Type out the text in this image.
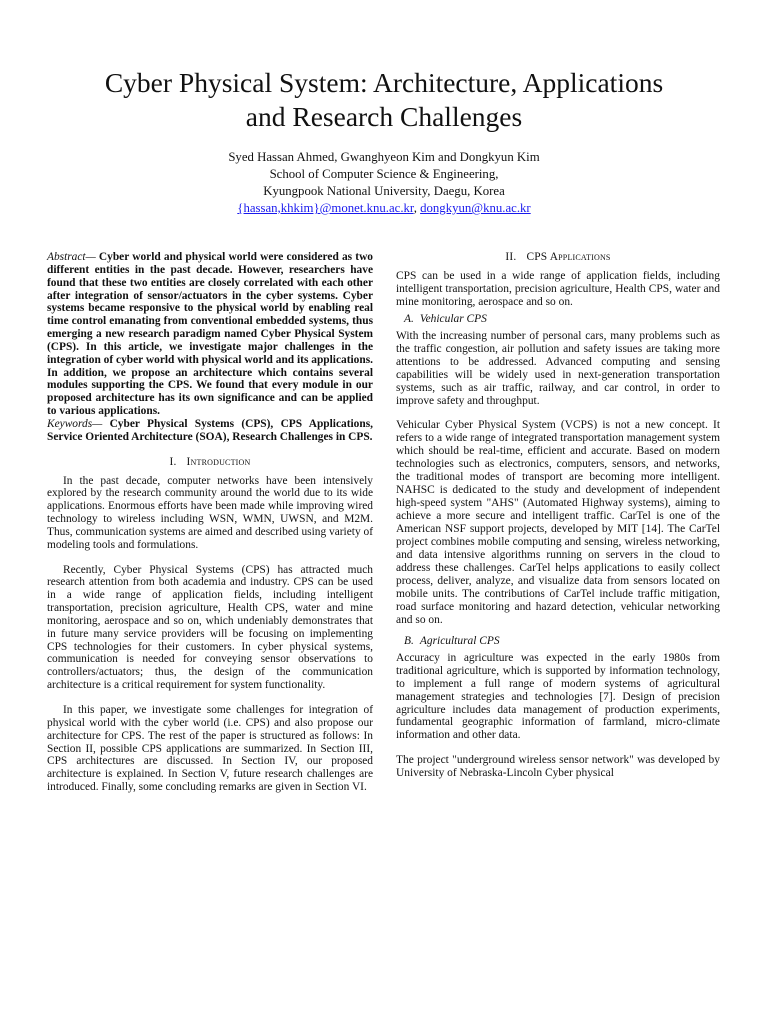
Cyber Physical System: Architecture, Applications
and Research Challenges
Syed Hassan Ahmed, Gwanghyeon Kim and Dongkyun Kim
School of Computer Science & Engineering,
Kyungpook National University, Daegu, Korea
{hassan,khkim}@monet.knu.ac.kr, dongkyun@knu.ac.kr

Abstract— Cyber world and physical world were considered as two different entities in the past decade. However, researchers have found that these two entities are closely correlated with each other after integration of sensor/actuators in the cyber systems. Cyber systems became responsive to the physical world by enabling real time control emanating from conventional embedded systems, thus emerging a new research paradigm named Cyber Physical System (CPS). In this article, we investigate major challenges in the integration of cyber world with physical world and its applications. In addition, we propose an architecture which contains several modules supporting the CPS. We found that every module in our proposed architecture has its own significance and can be applied to various applications.

Keywords— Cyber Physical Systems (CPS), CPS Applications, Service Oriented Architecture (SOA), Research Challenges in CPS.

I. Introduction

In the past decade, computer networks have been intensively explored by the research community around the world due to its wide applications. Enormous efforts have been made while improving wired technology to wireless including WSN, WMN, UWSN, and M2M. Thus, communication systems are aimed and described using variety of modeling tools and formulations.

Recently, Cyber Physical Systems (CPS) has attracted much research attention from both academia and industry. CPS can be used in a wide range of application fields, including intelligent transportation, precision agriculture, Health CPS, water and mine monitoring, aerospace and so on, which undeniably demonstrates that in future many service providers will be focusing on implementing CPS technologies for their customers. In cyber physical systems, communication is needed for conveying sensor observations to controllers/actuators; thus, the design of the communication architecture is a critical requirement for system functionality.

In this paper, we investigate some challenges for integration of physical world with the cyber world (i.e. CPS) and also propose our architecture for CPS. The rest of the paper is structured as follows: In Section II, possible CPS applications are summarized. In Section III, CPS architectures are discussed. In Section IV, our proposed architecture is explained. In Section V, future research challenges are introduced. Finally, some concluding remarks are given in Section VI.

II. CPS Applications

CPS can be used in a wide range of application fields, including intelligent transportation, precision agriculture, Health CPS, water and mine monitoring, aerospace and so on.

A. Vehicular CPS

With the increasing number of personal cars, many problems such as the traffic congestion, air pollution and safety issues are taking more attentions to be addressed. Advanced computing and sensing capabilities will be widely used in next-generation transportation systems, such as air traffic, railway, and car control, in order to improve safety and throughput.

Vehicular Cyber Physical System (VCPS) is not a new concept. It refers to a wide range of integrated transportation management system which should be real-time, efficient and accurate. Based on modern technologies such as electronics, computers, sensors, and networks, the traditional modes of transport are becoming more intelligent. NAHSC is dedicated to the study and development of independent high-speed system "AHS" (Automated Highway systems), aiming to achieve a more secure and intelligent traffic. CarTel is one of the American NSF support projects, developed by MIT [14]. The CarTel project combines mobile computing and sensing, wireless networking, and data intensive algorithms running on servers in the cloud to address these challenges. CarTel helps applications to easily collect process, deliver, analyze, and visualize data from sensors located on mobile units. The contributions of CarTel include traffic mitigation, road surface monitoring and hazard detection, vehicular networking and so on.

B. Agricultural CPS

Accuracy in agriculture was expected in the early 1980s from traditional agriculture, which is supported by information technology, to implement a full range of modern systems of agricultural management strategies and technologies [7]. Design of precision agriculture includes data management of production experiments, fundamental geographic information of farmland, micro-climate information and other data.

The project "underground wireless sensor network" was developed by University of Nebraska-Lincoln Cyber physical
